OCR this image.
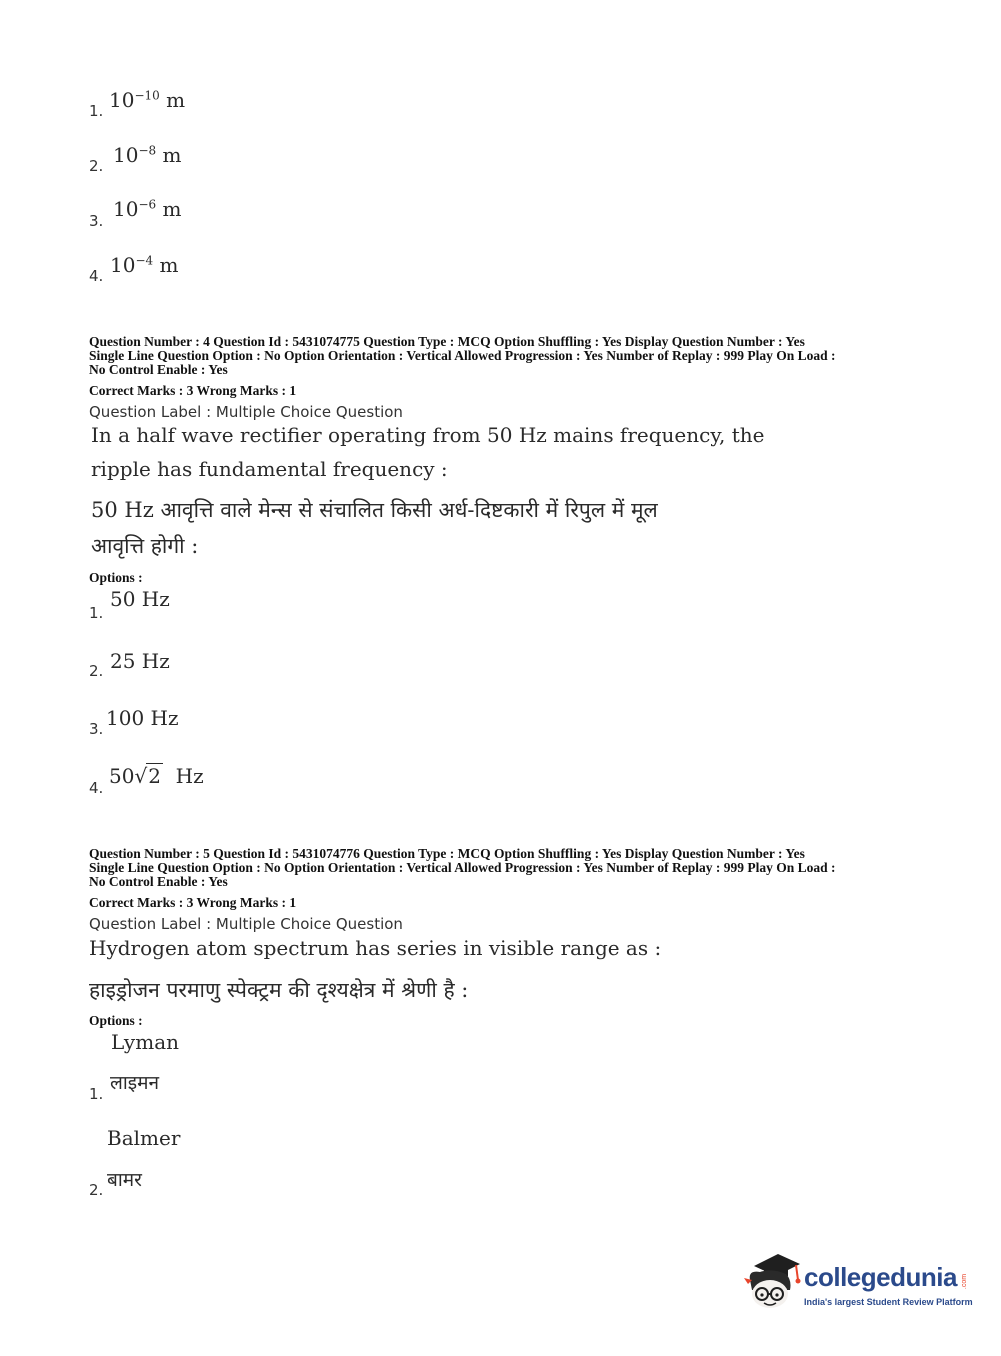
1. $10^{-10}$ m
2. $10^{-8}$ m
3. $10^{-6}$ m
4. $10^{-4}$ m
Question Number : 4 Question Id : 5431074775 Question Type : MCQ Option Shuffling : Yes Display Question Number : Yes
Single Line Question Option : No Option Orientation : Vertical Allowed Progression : Yes Number of Replay : 999 Play On Load :
No Control Enable : Yes
Correct Marks : 3 Wrong Marks : 1
Question Label : Multiple Choice Question
In a half wave rectifier operating from 50 Hz mains frequency, the
ripple has fundamental frequency :
50 Hz आवृत्ति वाले मेन्स से संचालित किसी अर्ध-दिष्टकारी में रिपुल में मूल
आवृत्ति होगी :
Options :
1.
50 Hz
2. 25 Hz
3. 100 Hz
4. 50√2 Hz
Question Number : 5 Question Id : 5431074776 Question Type : MCQ Option Shuffling : Yes Display Question Number : Yes
Single Line Question Option : No Option Orientation : Vertical Allowed Progression : Yes Number of Replay : 999 Play On Load :
No Control Enable : Yes
Correct Marks : 3 Wrong Marks : 1
Question Label : Multiple Choice Question
Hydrogen atom spectrum has series in visible range as :
हाइड्रोजन परमाणु स्पेक्ट्रम की दृश्यक्षेत्र में श्रेणी है :
Options :
Lyman
1. लाइमन
Balmer
2. बामर
collegedunia .com
India's largest Student Review Platform
